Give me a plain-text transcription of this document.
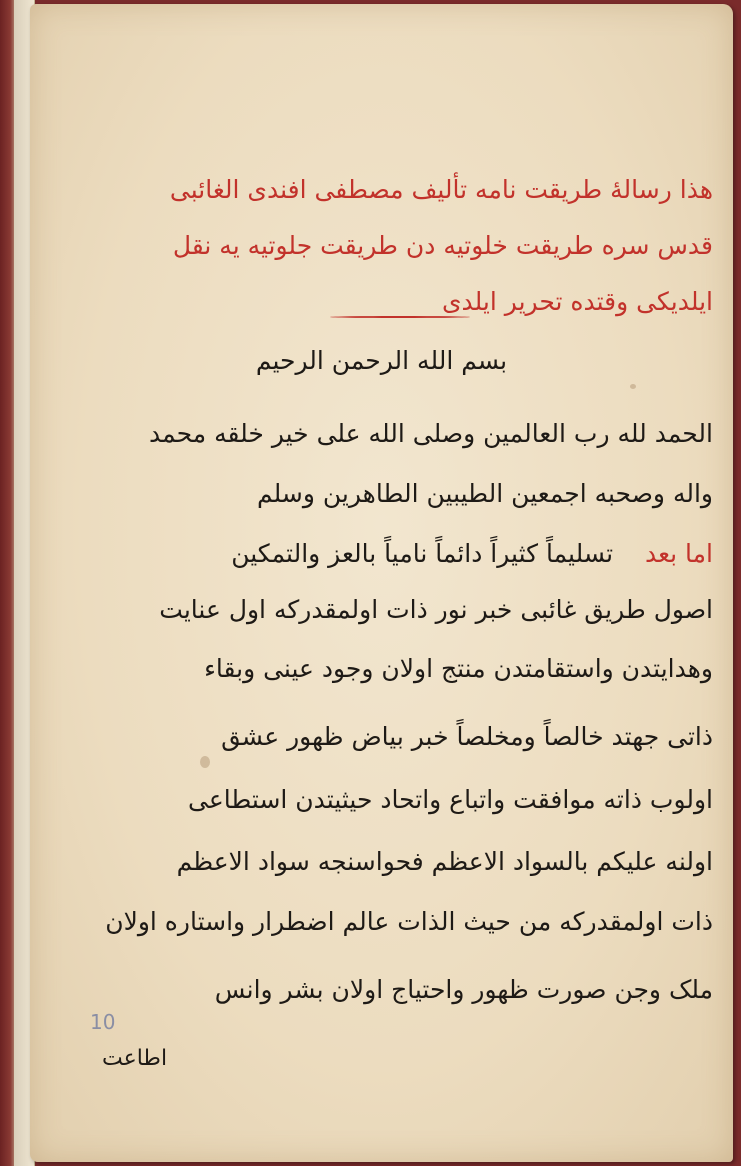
هذا رسالهٔ طریقت نامه تألیف مصطفی افندی الغائبی
قدس سره طریقت خلوتیه دن طریقت جلوتیه یه نقل
ایلدیکی وقتده تحریر ایلدی
بسم الله الرحمن الرحیم
الحمد لله رب العالمین وصلی الله علی خیر خلقه محمد
واله وصحبه اجمعین الطیبین الطاهرین وسلم
اما بعد    تسلیماً کثیراً دائماً نامیاً بالعز والتمکین
اصول طریق غائبی خبر نور ذات اولمقدرکه اول عنایت
وهدایتدن واستقامتدن منتج اولان وجود عینی وبقاء
ذاتی جهتد خالصاً ومخلصاً خبر بیاض ظهور عشق
اولوب ذاته موافقت واتباع واتحاد حیثیتدن استطاعی
اولنه علیکم بالسواد الاعظم فحواسنجه سواد الاعظم
ذات اولمقدرکه من حیث الذات عالم اضطرار واستاره اولان
ملک وجن صورت ظهور واحتیاج اولان بشر وانس
10
اطاعت
